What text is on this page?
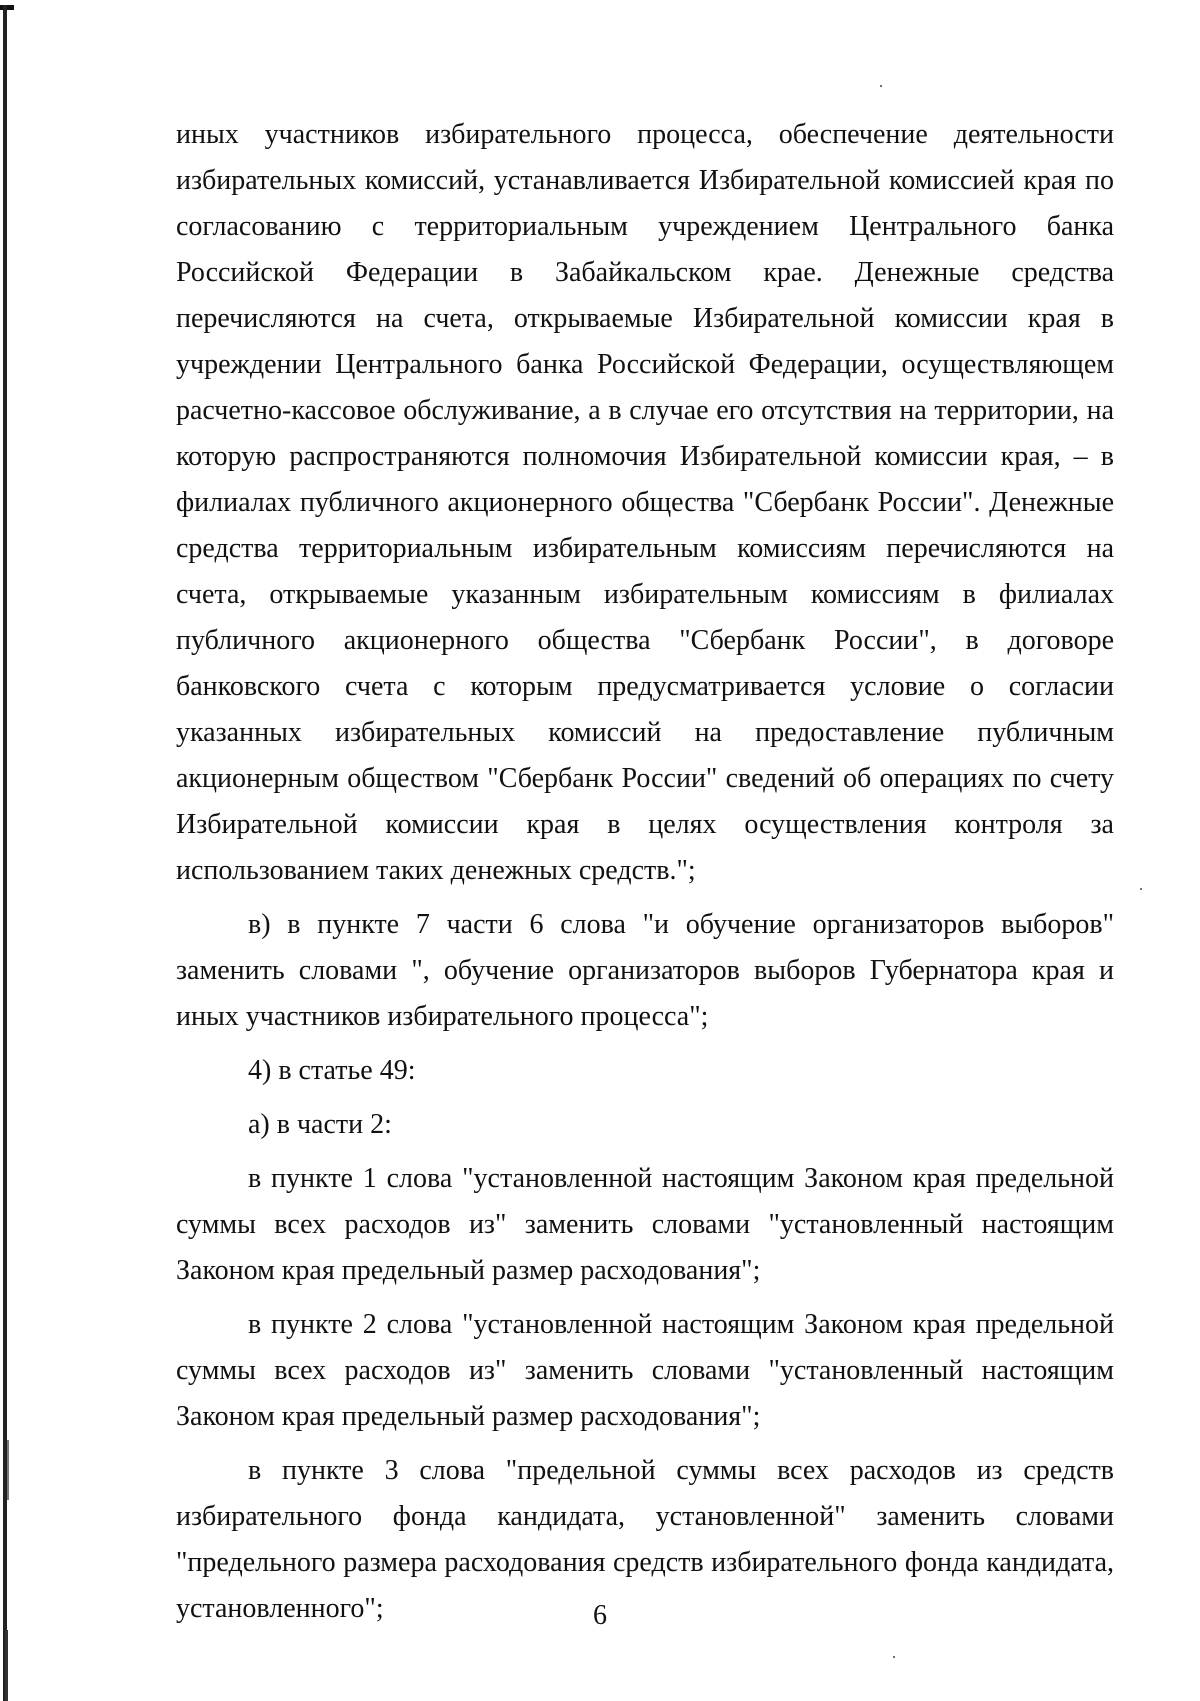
иных участников избирательного процесса, обеспечение деятельности избирательных комиссий, устанавливается Избирательной комиссией края по согласованию с территориальным учреждением Центрального банка Российской Федерации в Забайкальском крае. Денежные средства перечисляются на счета, открываемые Избирательной комиссии края в учреждении Центрального банка Российской Федерации, осуществляющем расчетно-кассовое обслуживание, а в случае его отсутствия на территории, на которую распространяются полномочия Избирательной комиссии края, – в филиалах публичного акционерного общества "Сбербанк России". Денежные средства территориальным избирательным комиссиям перечисляются на счета, открываемые указанным избирательным комиссиям в филиалах публичного акционерного общества "Сбербанк России", в договоре банковского счета с которым предусматривается условие о согласии указанных избирательных комиссий на предоставление публичным акционерным обществом "Сбербанк России" сведений об операциях по счету Избирательной комиссии края в целях осуществления контроля за использованием таких денежных средств.";

в) в пункте 7 части 6 слова "и обучение организаторов выборов" заменить словами ", обучение организаторов выборов Губернатора края и иных участников избирательного процесса";

4) в статье 49:

а) в части 2:

в пункте 1 слова "установленной настоящим Законом края предельной суммы всех расходов из" заменить словами "установленный настоящим Законом края предельный размер расходования";

в пункте 2 слова "установленной настоящим Законом края предельной суммы всех расходов из" заменить словами "установленный настоящим Законом края предельный размер расходования";

в пункте 3 слова "предельной суммы всех расходов из средств избирательного фонда кандидата, установленной" заменить словами "предельного размера расходования средств избирательного фонда кандидата, установленного";	6
